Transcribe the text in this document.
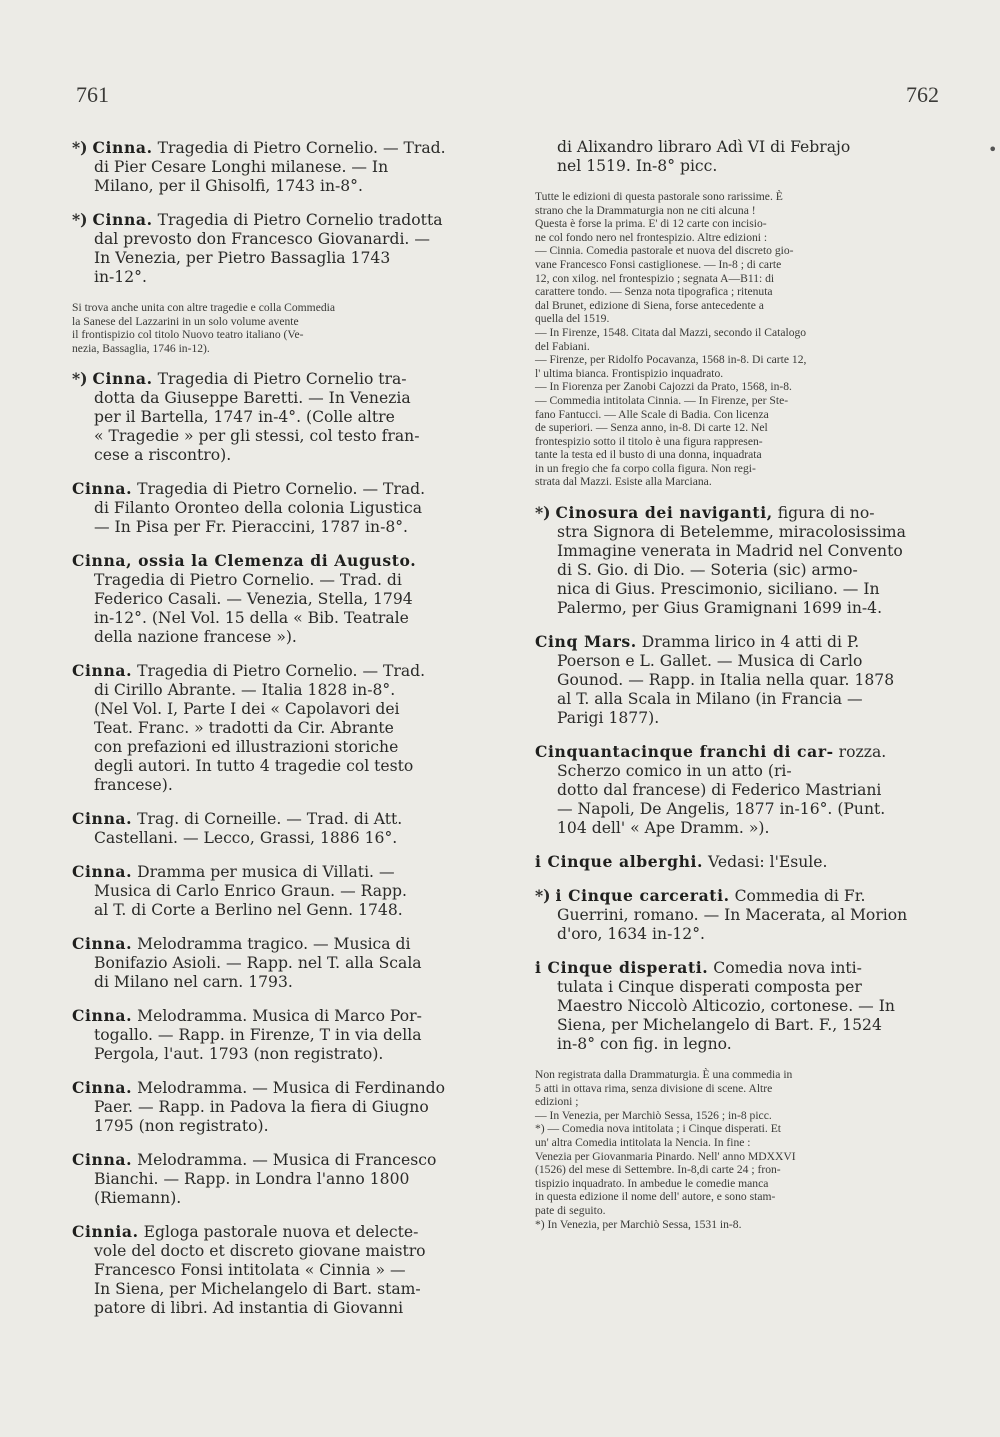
761	762
•
*) Cinna. Tragedia di Pietro Cornelio. — Trad.
di Pier Cesare Longhi milanese. — In
Milano, per il Ghisolfi, 1743 in-8°.
*) Cinna. Tragedia di Pietro Cornelio tradotta
dal prevosto don Francesco Giovanardi. —
In Venezia, per Pietro Bassaglia 1743
in-12°.
Si trova anche unita con altre tragedie e colla Commedia
la Sanese del Lazzarini in un solo volume avente
il frontispizio col titolo Nuovo teatro italiano (Ve-
nezia, Bassaglia, 1746 in-12).
*) Cinna. Tragedia di Pietro Cornelio tra-
dotta da Giuseppe Baretti. — In Venezia
per il Bartella, 1747 in-4°. (Colle altre
« Tragedie » per gli stessi, col testo fran-
cese a riscontro).
Cinna. Tragedia di Pietro Cornelio. — Trad.
di Filanto Oronteo della colonia Ligustica
— In Pisa per Fr. Pieraccini, 1787 in-8°.
Cinna, ossia la Clemenza di Augusto. Tragedia di Pietro Cornelio. — Trad. di
Federico Casali. — Venezia, Stella, 1794
in-12°. (Nel Vol. 15 della « Bib. Teatrale
della nazione francese »).
Cinna. Tragedia di Pietro Cornelio. — Trad.
di Cirillo Abrante. — Italia 1828 in-8°.
(Nel Vol. I, Parte I dei « Capolavori dei
Teat. Franc. » tradotti da Cir. Abrante
con prefazioni ed illustrazioni storiche
degli autori. In tutto 4 tragedie col testo
francese).
Cinna. Trag. di Corneille. — Trad. di Att.
Castellani. — Lecco, Grassi, 1886 16°.
Cinna. Dramma per musica di Villati. —
Musica di Carlo Enrico Graun. — Rapp.
al T. di Corte a Berlino nel Genn. 1748.
Cinna. Melodramma tragico. — Musica di
Bonifazio Asioli. — Rapp. nel T. alla Scala
di Milano nel carn. 1793.
Cinna. Melodramma. Musica di Marco Por-
togallo. — Rapp. in Firenze, T in via della
Pergola, l'aut. 1793 (non registrato).
Cinna. Melodramma. — Musica di Ferdinando
Paer. — Rapp. in Padova la fiera di Giugno
1795 (non registrato).
Cinna. Melodramma. — Musica di Francesco
Bianchi. — Rapp. in Londra l'anno 1800
(Riemann).
Cinnia. Egloga pastorale nuova et delecte-
vole del docto et discreto giovane maistro
Francesco Fonsi intitolata « Cinnia » —
In Siena, per Michelangelo di Bart. stam-
patore di libri. Ad instantia di Giovanni
di Alixandro libraro Adì VI di Febrajo
nel 1519. In-8° picc.
Tutte le edizioni di questa pastorale sono rarissime. È
strano che la Drammaturgia non ne citi alcuna !
Questa è forse la prima. E' di 12 carte con incisio-
ne col fondo nero nel frontespizio. Altre edizioni :
— Cinnia. Comedia pastorale et nuova del discreto gio-
vane Francesco Fonsi castiglionese. — In-8 ; di carte
12, con xilog. nel frontespizio ; segnata A—B11: di
carattere tondo. — Senza nota tipografica ; ritenuta
dal Brunet, edizione di Siena, forse antecedente a
quella del 1519.
— In Firenze, 1548. Citata dal Mazzi, secondo il Catalogo
del Fabiani.
— Firenze, per Ridolfo Pocavanza, 1568 in-8. Di carte 12,
l' ultima bianca. Frontispizio inquadrato.
— In Fiorenza per Zanobi Cajozzi da Prato, 1568, in-8.
— Commedia intitolata Cinnia. — In Firenze, per Ste-
fano Fantucci. — Alle Scale di Badia. Con licenza
de superiori. — Senza anno, in-8. Di carte 12. Nel
frontespizio sotto il titolo è una figura rappresen-
tante la testa ed il busto di una donna, inquadrata
in un fregio che fa corpo colla figura. Non regi-
strata dal Mazzi. Esiste alla Marciana.
*) Cinosura dei naviganti, figura di no-
stra Signora di Betelemme, miracolosissima
Immagine venerata in Madrid nel Convento
di S. Gio. di Dio. — Soteria (sic) armo-
nica di Gius. Prescimonio, siciliano. — In
Palermo, per Gius Gramignani 1699 in-4.
Cinq Mars. Dramma lirico in 4 atti di P.
Poerson e L. Gallet. — Musica di Carlo
Gounod. — Rapp. in Italia nella quar. 1878
al T. alla Scala in Milano (in Francia —
Parigi 1877).
Cinquantacinque franchi di car- rozza. Scherzo comico in un atto (ri-
dotto dal francese) di Federico Mastriani
— Napoli, De Angelis, 1877 in-16°. (Punt.
104 dell' « Ape Dramm. »).
i Cinque alberghi. Vedasi: l'Esule.

*) i Cinque carcerati. Commedia di Fr.
Guerrini, romano. — In Macerata, al Morion
d'oro, 1634 in-12°.
i Cinque disperati. Comedia nova inti-
tulata i Cinque disperati composta per
Maestro Niccolò Alticozio, cortonese. — In
Siena, per Michelangelo di Bart. F., 1524
in-8° con fig. in legno.
Non registrata dalla Drammaturgia. È una commedia in
5 atti in ottava rima, senza divisione di scene. Altre
edizioni ;
— In Venezia, per Marchiò Sessa, 1526 ; in-8 picc.
*) — Comedia nova intitolata ; i Cinque disperati. Et
un' altra Comedia intitolata la Nencia. In fine :
Venezia per Giovanmaria Pinardo. Nell' anno MDXXVI
(1526) del mese di Settembre. In-8,di carte 24 ; fron-
tispizio inquadrato. In ambedue le comedie manca
in questa edizione il nome dell' autore, e sono stam-
pate di seguito.
*) In Venezia, per Marchiò Sessa, 1531 in-8.
